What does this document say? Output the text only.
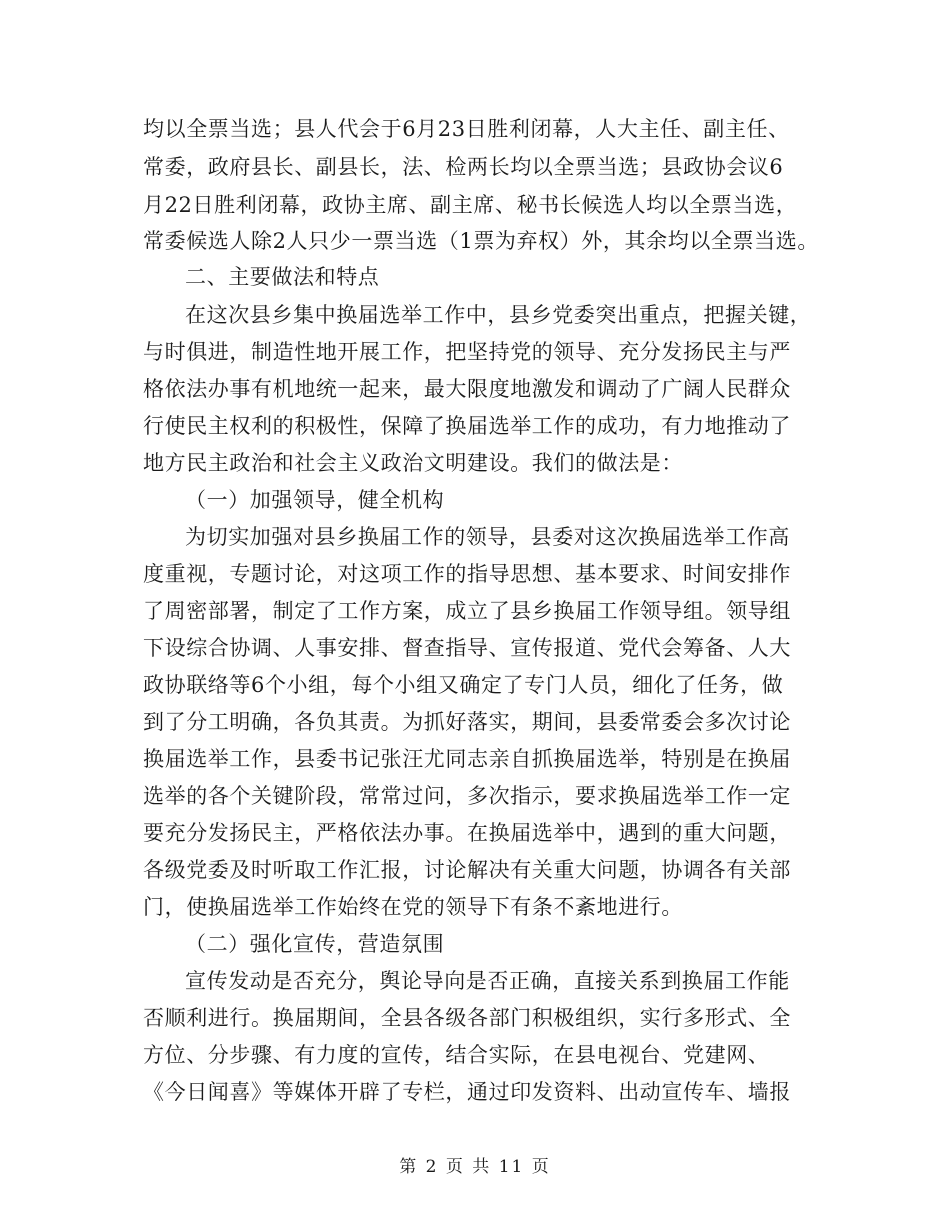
均以全票当选；县人代会于6月23日胜利闭幕，人大主任、副主任、
常委，政府县长、副县长，法、检两长均以全票当选；县政协会议6
月22日胜利闭幕，政协主席、副主席、秘书长候选人均以全票当选，
常委候选人除2人只少一票当选（1票为弃权）外，其余均以全票当选。
二、主要做法和特点
在这次县乡集中换届选举工作中，县乡党委突出重点，把握关键，
与时俱进，制造性地开展工作，把坚持党的领导、充分发扬民主与严
格依法办事有机地统一起来，最大限度地激发和调动了广阔人民群众
行使民主权利的积极性，保障了换届选举工作的成功，有力地推动了
地方民主政治和社会主义政治文明建设。我们的做法是：
（一）加强领导，健全机构
为切实加强对县乡换届工作的领导，县委对这次换届选举工作高
度重视，专题讨论，对这项工作的指导思想、基本要求、时间安排作
了周密部署，制定了工作方案，成立了县乡换届工作领导组。领导组
下设综合协调、人事安排、督查指导、宣传报道、党代会筹备、人大
政协联络等6个小组，每个小组又确定了专门人员，细化了任务，做
到了分工明确，各负其责。为抓好落实，期间，县委常委会多次讨论
换届选举工作，县委书记张汪尤同志亲自抓换届选举，特别是在换届
选举的各个关键阶段，常常过问，多次指示，要求换届选举工作一定
要充分发扬民主，严格依法办事。在换届选举中，遇到的重大问题，
各级党委及时听取工作汇报，讨论解决有关重大问题，协调各有关部
门，使换届选举工作始终在党的领导下有条不紊地进行。
（二）强化宣传，营造氛围
宣传发动是否充分，舆论导向是否正确，直接关系到换届工作能
否顺利进行。换届期间，全县各级各部门积极组织，实行多形式、全
方位、分步骤、有力度的宣传，结合实际，在县电视台、党建网、
《今日闻喜》等媒体开辟了专栏，通过印发资料、出动宣传车、墙报
第 2 页 共 11 页
